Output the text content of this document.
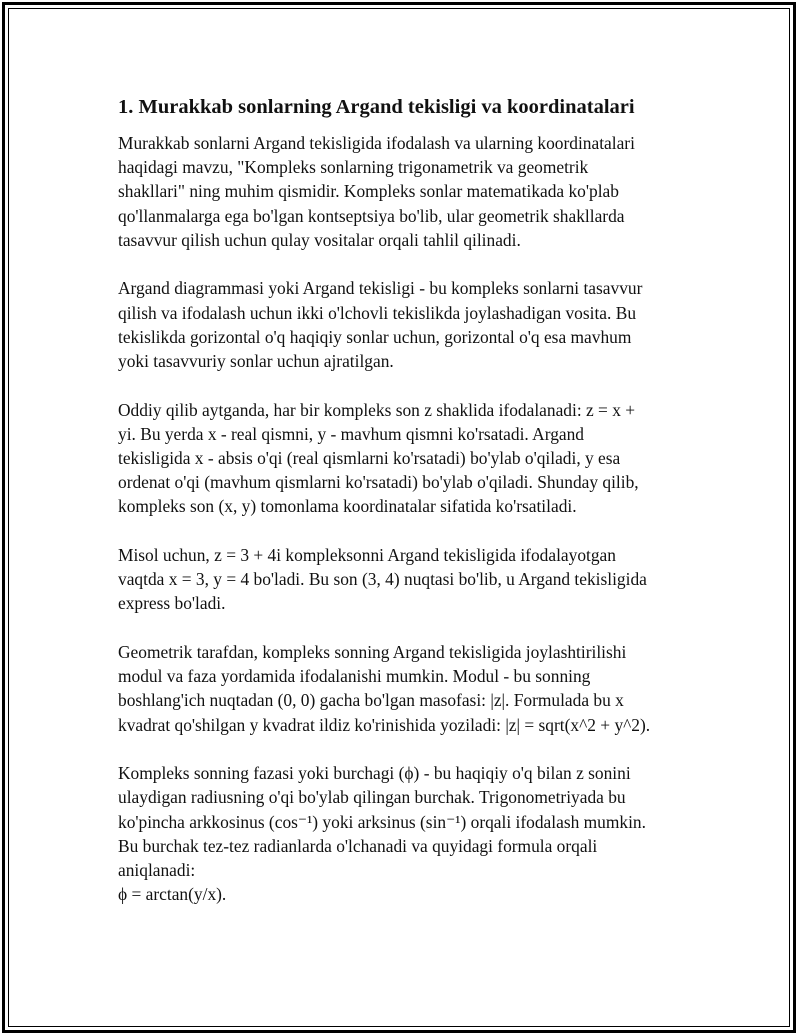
1. Murakkab sonlarning Argand tekisligi va koordinatalari

Murakkab sonlarni Argand tekisligida ifodalash va ularning koordinatalari
haqidagi mavzu, "Kompleks sonlarning trigonametrik va geometrik
shakllari" ning muhim qismidir. Kompleks sonlar matematikada ko'plab
qo'llanmalarga ega bo'lgan kontseptsiya bo'lib, ular geometrik shakllarda
tasavvur qilish uchun qulay vositalar orqali tahlil qilinadi.

Argand diagrammasi yoki Argand tekisligi - bu kompleks sonlarni tasavvur
qilish va ifodalash uchun ikki o'lchovli tekislikda joylashadigan vosita. Bu
tekislikda gorizontal o'q haqiqiy sonlar uchun, gorizontal o'q esa mavhum
yoki tasavvuriy sonlar uchun ajratilgan.

Oddiy qilib aytganda, har bir kompleks son z shaklida ifodalanadi: z = x +
yi. Bu yerda x - real qismni, y - mavhum qismni ko'rsatadi. Argand
tekisligida x - absis o'qi (real qismlarni ko'rsatadi) bo'ylab o'qiladi, y esa
ordenat o'qi (mavhum qismlarni ko'rsatadi) bo'ylab o'qiladi. Shunday qilib,
kompleks son (x, y) tomonlama koordinatalar sifatida ko'rsatiladi.

Misol uchun, z = 3 + 4i kompleksonni Argand tekisligida ifodalayotgan
vaqtda x = 3, y = 4 bo'ladi. Bu son (3, 4) nuqtasi bo'lib, u Argand tekisligida
express bo'ladi.

Geometrik tarafdan, kompleks sonning Argand tekisligida joylashtirilishi
modul va faza yordamida ifodalanishi mumkin. Modul - bu sonning
boshlang'ich nuqtadan (0, 0) gacha bo'lgan masofasi: |z|. Formulada bu x
kvadrat qo'shilgan y kvadrat ildiz ko'rinishida yoziladi: |z| = sqrt(x^2 + y^2).

Kompleks sonning fazasi yoki burchagi (ϕ) - bu haqiqiy o'q bilan z sonini
ulaydigan radiusning o'qi bo'ylab qilingan burchak. Trigonometriyada bu
ko'pincha arkkosinus (cos⁻¹) yoki arksinus (sin⁻¹) orqali ifodalash mumkin.
Bu burchak tez-tez radianlarda o'lchanadi va quyidagi formula orqali
aniqlanadi:
ϕ = arctan(y/x).
